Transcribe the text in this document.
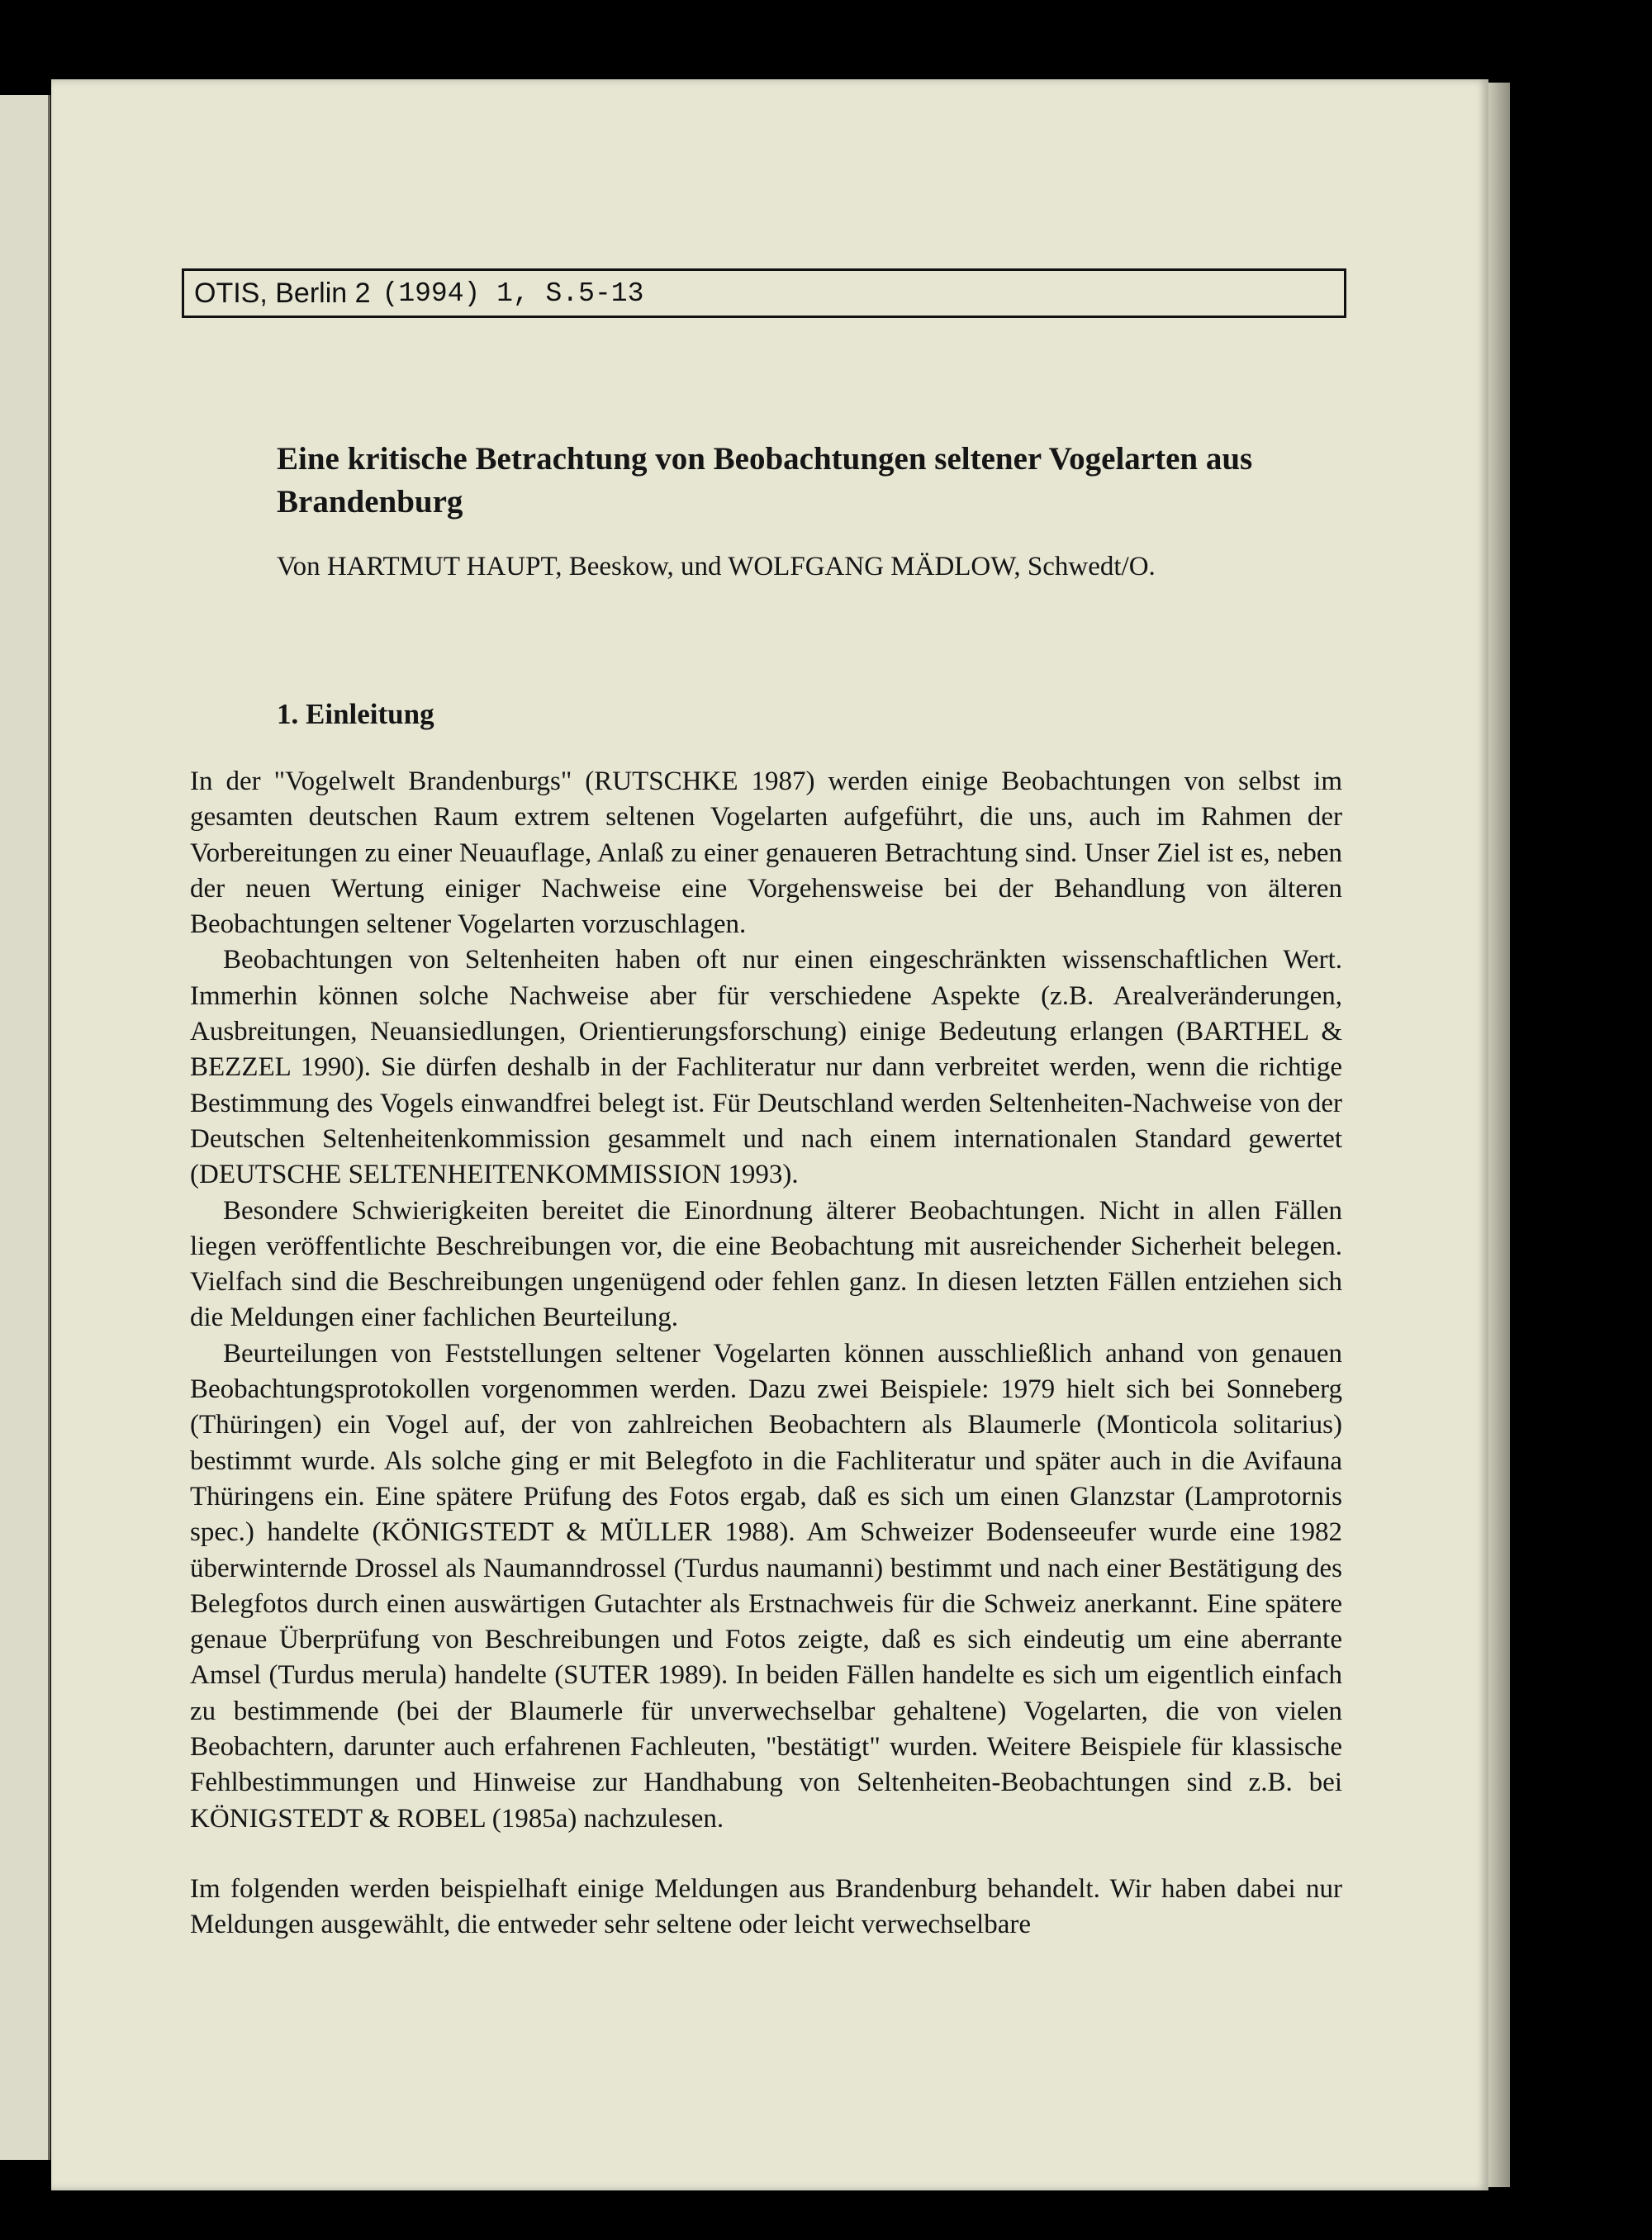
OTIS, Berlin 2 (1994) 1, S.5-13
Eine kritische Betrachtung von Beobachtungen seltener Vogelarten aus Brandenburg
Von HARTMUT HAUPT, Beeskow, und WOLFGANG MÄDLOW, Schwedt/O.
1. Einleitung

In der "Vogelwelt Brandenburgs" (RUTSCHKE 1987) werden einige Beobachtungen von selbst im gesamten deutschen Raum extrem seltenen Vogelarten aufgeführt, die uns, auch im Rahmen der Vorbereitungen zu einer Neuauflage, Anlaß zu einer genaueren Betrachtung sind. Unser Ziel ist es, neben der neuen Wertung einiger Nachweise eine Vorgehensweise bei der Behandlung von älteren Beobachtungen seltener Vogelarten vorzuschlagen.

Beobachtungen von Seltenheiten haben oft nur einen eingeschränkten wissenschaftlichen Wert. Immerhin können solche Nachweise aber für verschiedene Aspekte (z.B. Arealveränderungen, Ausbreitungen, Neuansiedlungen, Orientierungsforschung) einige Bedeutung erlangen (BARTHEL & BEZZEL 1990). Sie dürfen deshalb in der Fachliteratur nur dann verbreitet werden, wenn die richtige Bestimmung des Vogels einwandfrei belegt ist. Für Deutschland werden Seltenheiten-Nachweise von der Deutschen Seltenheitenkommission gesammelt und nach einem internationalen Standard gewertet (DEUTSCHE SELTENHEITENKOMMISSION 1993).

Besondere Schwierigkeiten bereitet die Einordnung älterer Beobachtungen. Nicht in allen Fällen liegen veröffentlichte Beschreibungen vor, die eine Beobachtung mit ausreichender Sicherheit belegen. Vielfach sind die Beschreibungen ungenügend oder fehlen ganz. In diesen letzten Fällen entziehen sich die Meldungen einer fachlichen Beurteilung.

Beurteilungen von Feststellungen seltener Vogelarten können ausschließlich anhand von genauen Beobachtungsprotokollen vorgenommen werden. Dazu zwei Beispiele: 1979 hielt sich bei Sonneberg (Thüringen) ein Vogel auf, der von zahlreichen Beobachtern als Blaumerle (Monticola solitarius) bestimmt wurde. Als solche ging er mit Belegfoto in die Fachliteratur und später auch in die Avifauna Thüringens ein. Eine spätere Prüfung des Fotos ergab, daß es sich um einen Glanzstar (Lamprotornis spec.) handelte (KÖNIGSTEDT & MÜLLER 1988). Am Schweizer Bodenseeufer wurde eine 1982 überwinternde Drossel als Naumanndrossel (Turdus naumanni) bestimmt und nach einer Bestätigung des Belegfotos durch einen auswärtigen Gutachter als Erstnachweis für die Schweiz anerkannt. Eine spätere genaue Überprüfung von Beschreibungen und Fotos zeigte, daß es sich eindeutig um eine aberrante Amsel (Turdus merula) handelte (SUTER 1989). In beiden Fällen handelte es sich um eigentlich einfach zu bestimmende (bei der Blaumerle für unverwechselbar gehaltene) Vogelarten, die von vielen Beobachtern, darunter auch erfahrenen Fachleuten, "bestätigt" wurden. Weitere Beispiele für klassische Fehlbestimmungen und Hinweise zur Handhabung von Seltenheiten-Beobachtungen sind z.B. bei KÖNIGSTEDT & ROBEL (1985a) nachzulesen.

Im folgenden werden beispielhaft einige Meldungen aus Brandenburg behandelt. Wir haben dabei nur Meldungen ausgewählt, die entweder sehr seltene oder leicht verwechselbare
